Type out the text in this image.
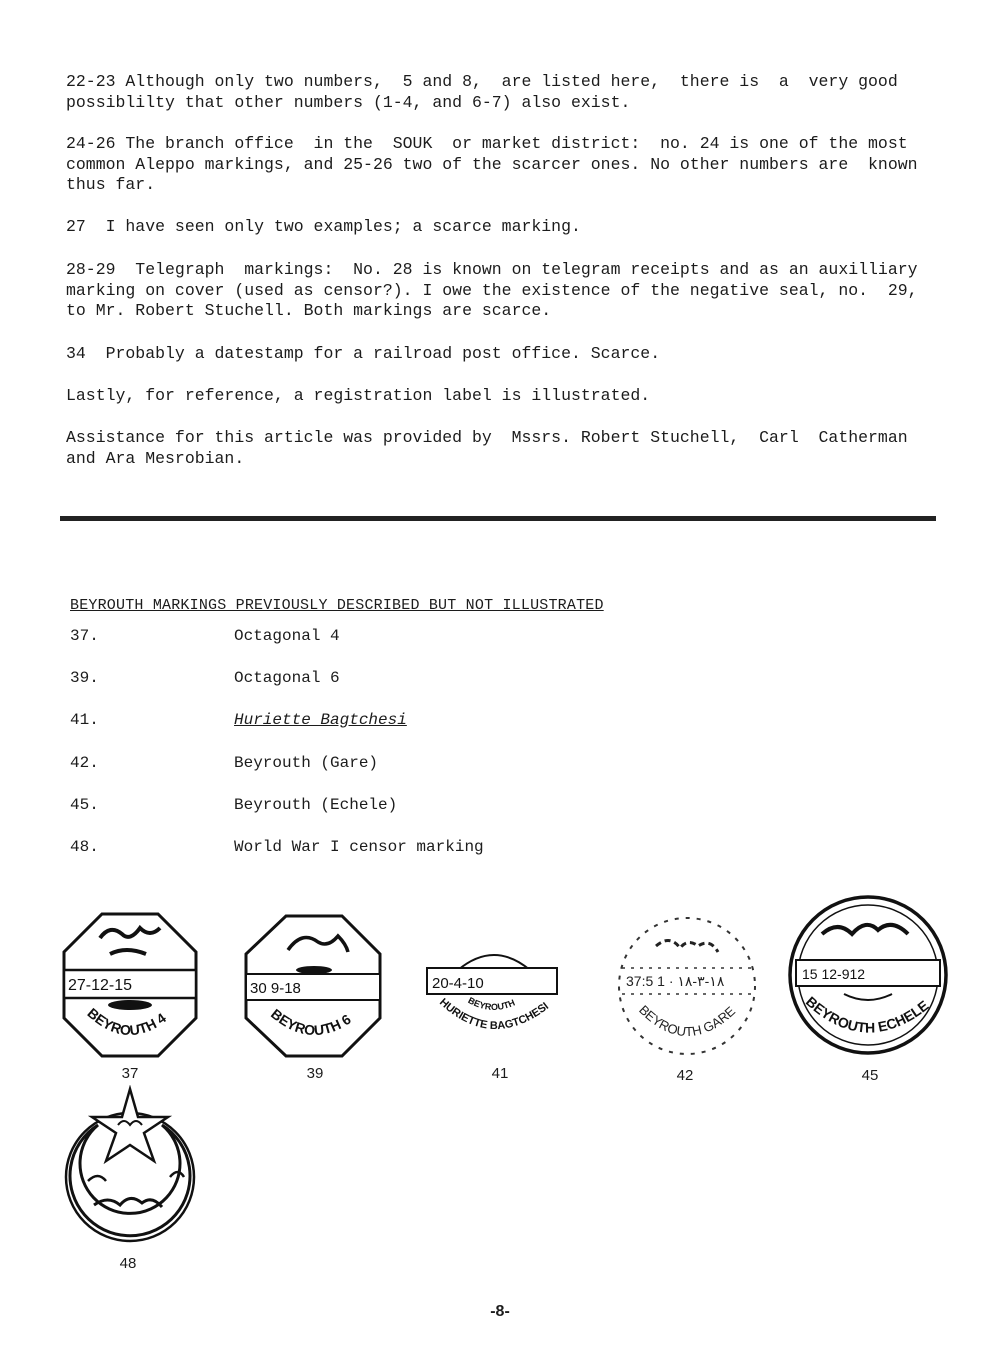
22-23 Although only two numbers,  5 and 8,  are listed here,  there is  a  very good
possiblilty that other numbers (1-4, and 6-7) also exist.

24-26 The branch office  in the  SOUK  or market district:  no. 24 is one of the most
common Aleppo markings, and 25-26 two of the scarcer ones. No other numbers are  known
thus far.

27  I have seen only two examples; a scarce marking.

28-29  Telegraph  markings:  No. 28 is known on telegram receipts and as an auxilliary
marking on cover (used as censor?). I owe the existence of the negative seal, no.  29,
to Mr. Robert Stuchell. Both markings are scarce.

34  Probably a datestamp for a railroad post office. Scarce.

Lastly, for reference, a registration label is illustrated.

Assistance for this article was provided by  Mssrs. Robert Stuchell,  Carl  Catherman
and Ara Mesrobian.

BEYROUTH MARKINGS PREVIOUSLY DESCRIBED BUT NOT ILLUSTRATED
37.	Octagonal 4
39.	Octagonal 6
41.	Huriette Bagtchesi
42.	Beyrouth (Gare)
45.	Beyrouth (Echele)
48.	World War I censor marking
27-12-15
BEYROUTH 4
37
30 9-18
BEYROUTH 6
39
20-4-10
BEYROUTH
HURIETTE BAGTCHESI
41
37:5 1 · ١٨-٣-١٨
BEYROUTH GARE
42
15 12-912
BEYROUTH ECHELE
45
48
-8-
